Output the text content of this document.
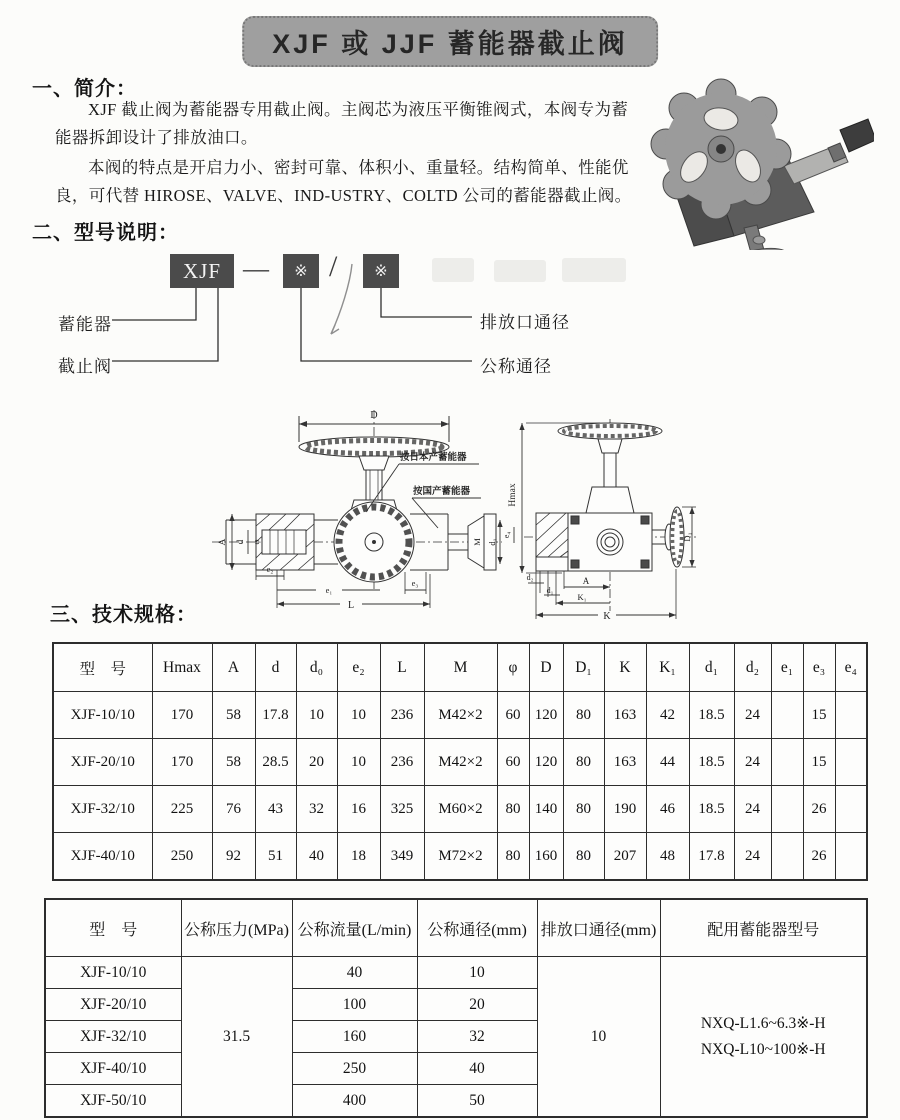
XJF 或 JJF 蓄能器截止阀
一、简介：
XJF 截止阀为蓄能器专用截止阀。主阀芯为液压平衡锥阀式，本阀专为蓄能器拆卸设计了排放油口。
本阀的特点是开启力小、密封可靠、体积小、重量轻。结构简单、性能优良，可代替 HIROSE、VALVE、IND-USTRY、COLTD 公司的蓄能器截止阀。
二、型号说明：
XJF —	※ /	※
蓄能器
截止阀
排放口通径
公称通径
D
A d φ	M d₁
e₂
e₁
e₃
L
按日本产蓄能器
按国产蓄能器	Hmax
e₄
d₂
d₁
A
K₁
K
D₁
三、技术规格：
型　号	Hmax	A	d	d₀	e₂	L	M	φ	D	D₁	K	K₁	d₁	d₂	e₁	e₃	e₄
XJF-10/10	170	58	17.8	10	10	236	M42×2	60	120	80	163	42	18.5	24		15	
XJF-20/10	170	58	28.5	20	10	236	M42×2	60	120	80	163	44	18.5	24		15	
XJF-32/10	225	76	43	32	16	325	M60×2	80	140	80	190	46	18.5	24		26	
XJF-40/10	250	92	51	40	18	349	M72×2	80	160	80	207	48	17.8	24		26	
型　号	公称压力(MPa)	公称流量(L/min)	公称通径(mm)	排放口通径(mm)	配用蓄能器型号
XJF-10/10	31.5	40	10	10	NXQ-L1.6~6.3※-H
NXQ-L10~100※-H

XJF-20/10		100	20		
XJF-32/10		160	32		
XJF-40/10		250	40		
XJF-50/10		400	50		
